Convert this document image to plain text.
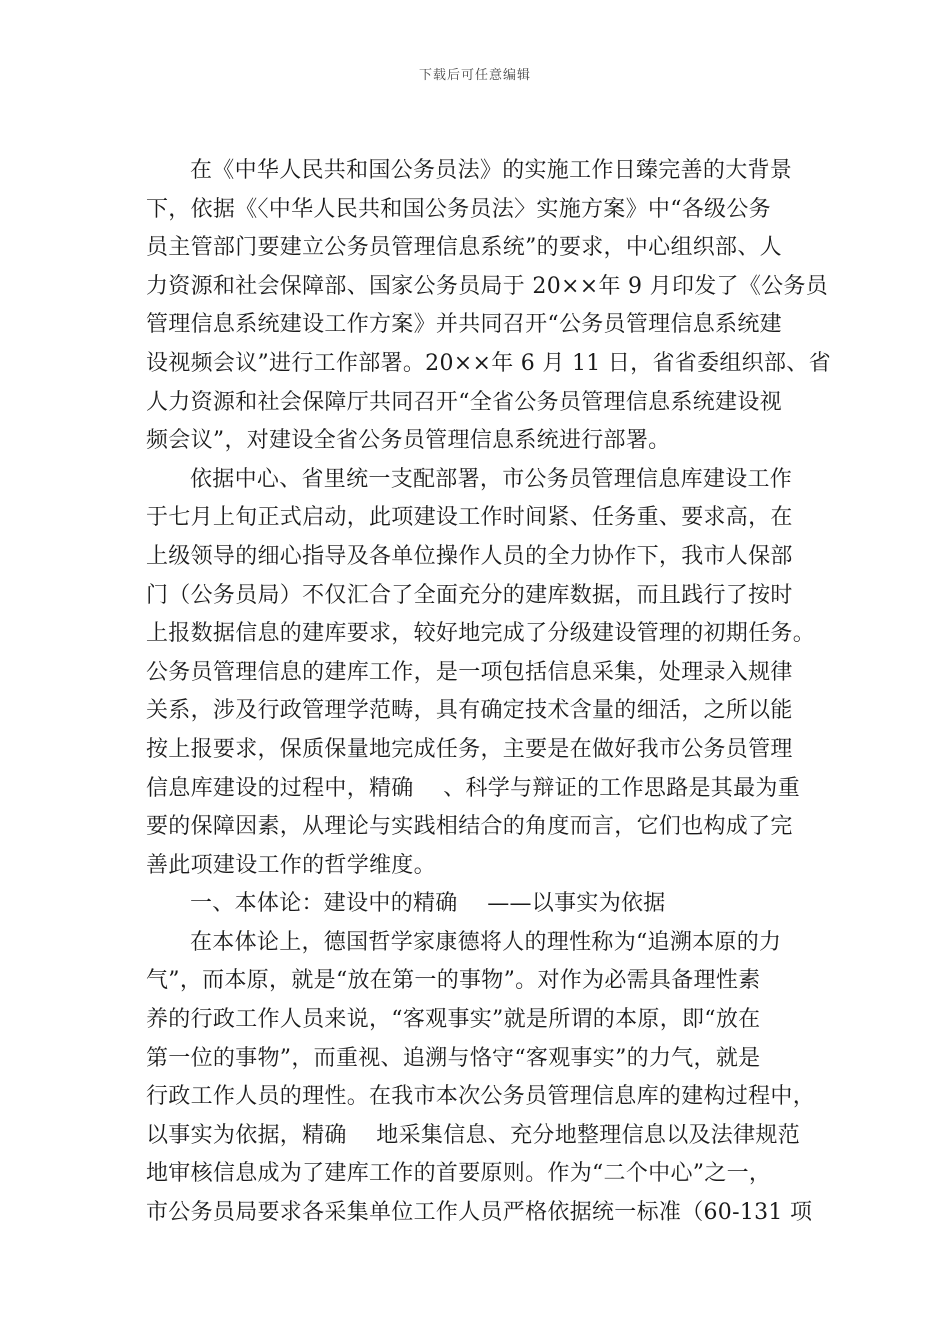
下载后可任意编辑
在《中华人民共和国公务员法》的实施工作日臻完善的大背景
下，依据《〈中华人民共和国公务员法〉实施方案》中“各级公务
员主管部门要建立公务员管理信息系统”的要求，中心组织部、人
力资源和社会保障部、国家公务员局于 20××年 9 月印发了《公务员
管理信息系统建设工作方案》并共同召开“公务员管理信息系统建
设视频会议”进行工作部署。20××年 6 月 11 日，省省委组织部、省
人力资源和社会保障厅共同召开“全省公务员管理信息系统建设视
频会议”，对建设全省公务员管理信息系统进行部署。
依据中心、省里统一支配部署，市公务员管理信息库建设工作
于七月上旬正式启动，此项建设工作时间紧、任务重、要求高，在
上级领导的细心指导及各单位操作人员的全力协作下，我市人保部
门（公务员局）不仅汇合了全面充分的建库数据，而且践行了按时
上报数据信息的建库要求，较好地完成了分级建设管理的初期任务。
公务员管理信息的建库工作，是一项包括信息采集，处理录入规律
关系，涉及行政管理学范畴，具有确定技术含量的细活，之所以能
按上报要求，保质保量地完成任务，主要是在做好我市公务员管理
信息库建设的过程中，精确　 、科学与辩证的工作思路是其最为重
要的保障因素，从理论与实践相结合的角度而言，它们也构成了完
善此项建设工作的哲学维度。
一、本体论：建设中的精确　 ——以事实为依据
在本体论上，德国哲学家康德将人的理性称为“追溯本原的力
气”，而本原，就是“放在第一的事物”。对作为必需具备理性素
养的行政工作人员来说，“客观事实”就是所谓的本原，即“放在
第一位的事物”，而重视、追溯与恪守“客观事实”的力气，就是
行政工作人员的理性。在我市本次公务员管理信息库的建构过程中，
以事实为依据，精确　 地采集信息、充分地整理信息以及法律规范
地审核信息成为了建库工作的首要原则。作为“二个中心”之一，
市公务员局要求各采集单位工作人员严格依据统一标准（60-131 项
